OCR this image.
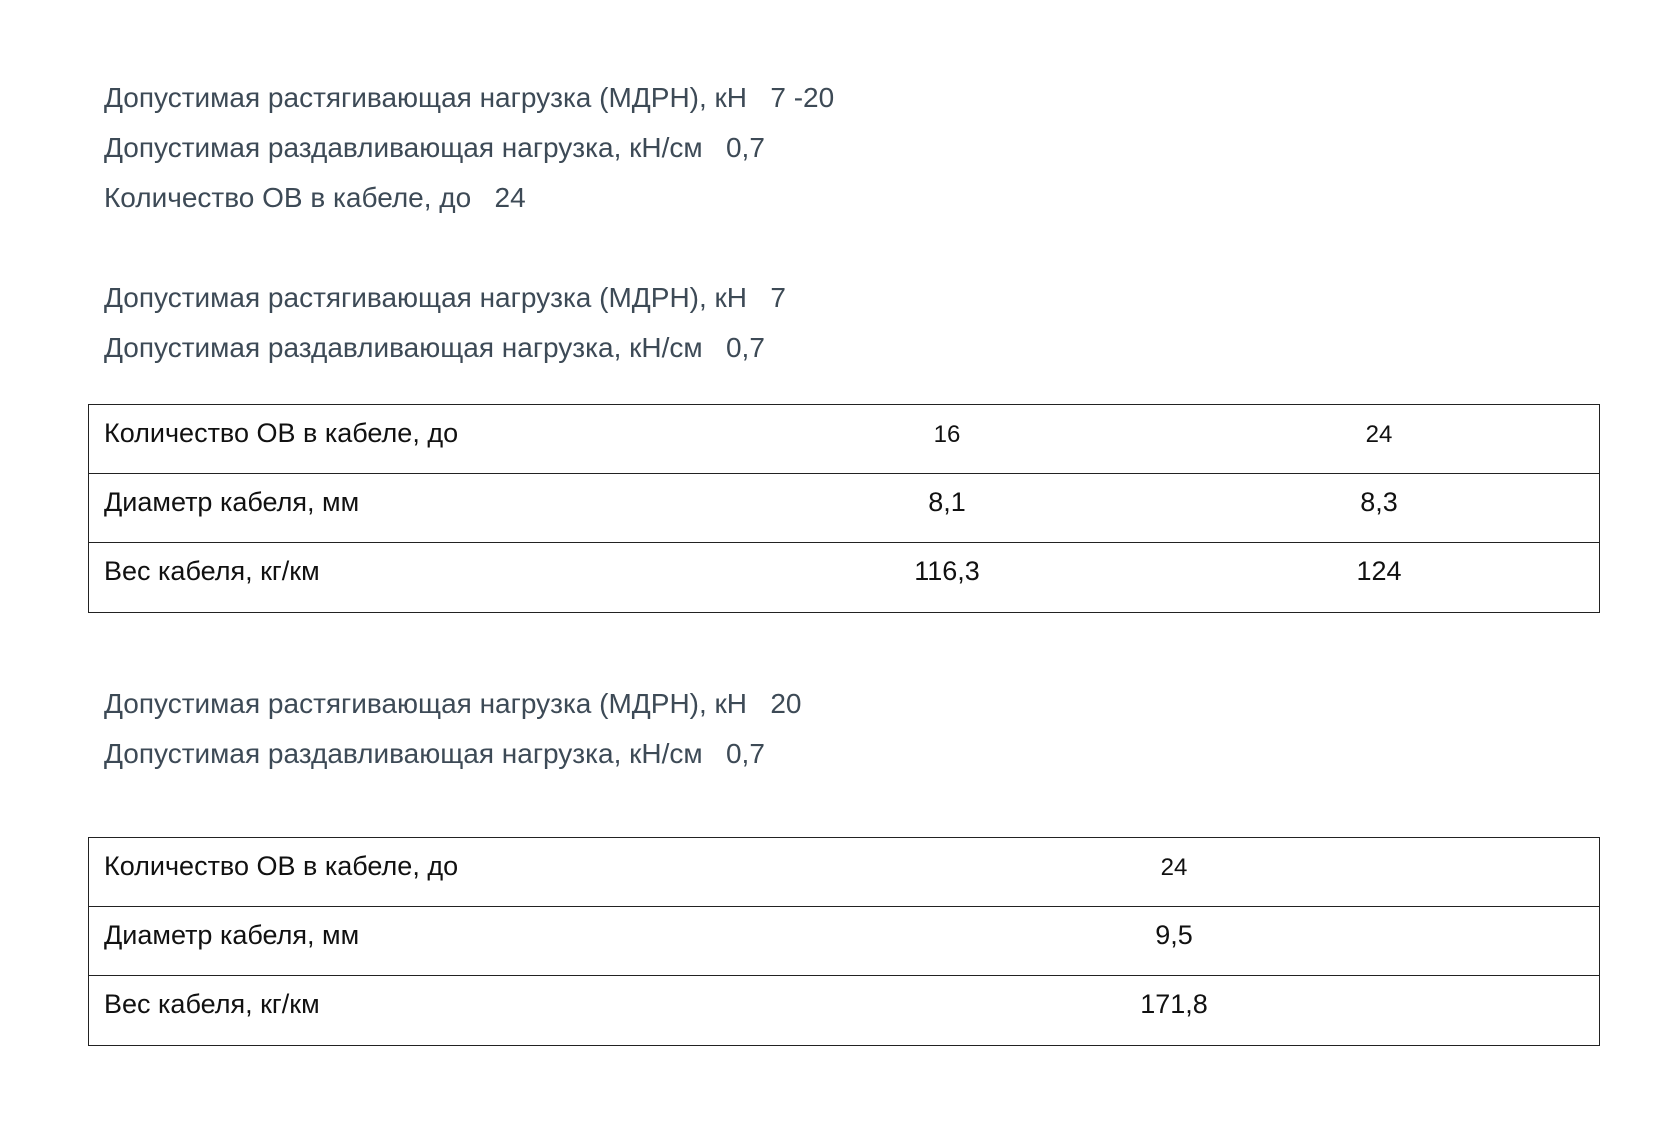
Допустимая растягивающая нагрузка (МДРН), кН   7 -20
Допустимая раздавливающая нагрузка, кН/см   0,7
Количество ОВ в кабеле, до   24
Допустимая растягивающая нагрузка (МДРН), кН   7
Допустимая раздавливающая нагрузка, кН/см   0,7
Количество ОВ в кабеле, до	16	24
Диаметр кабеля, мм	8,1	8,3
Вес кабеля, кг/км	116,3	124
Допустимая растягивающая нагрузка (МДРН), кН   20
Допустимая раздавливающая нагрузка, кН/см   0,7
Количество ОВ в кабеле, до	24
Диаметр кабеля, мм	9,5
Вес кабеля, кг/км	171,8
